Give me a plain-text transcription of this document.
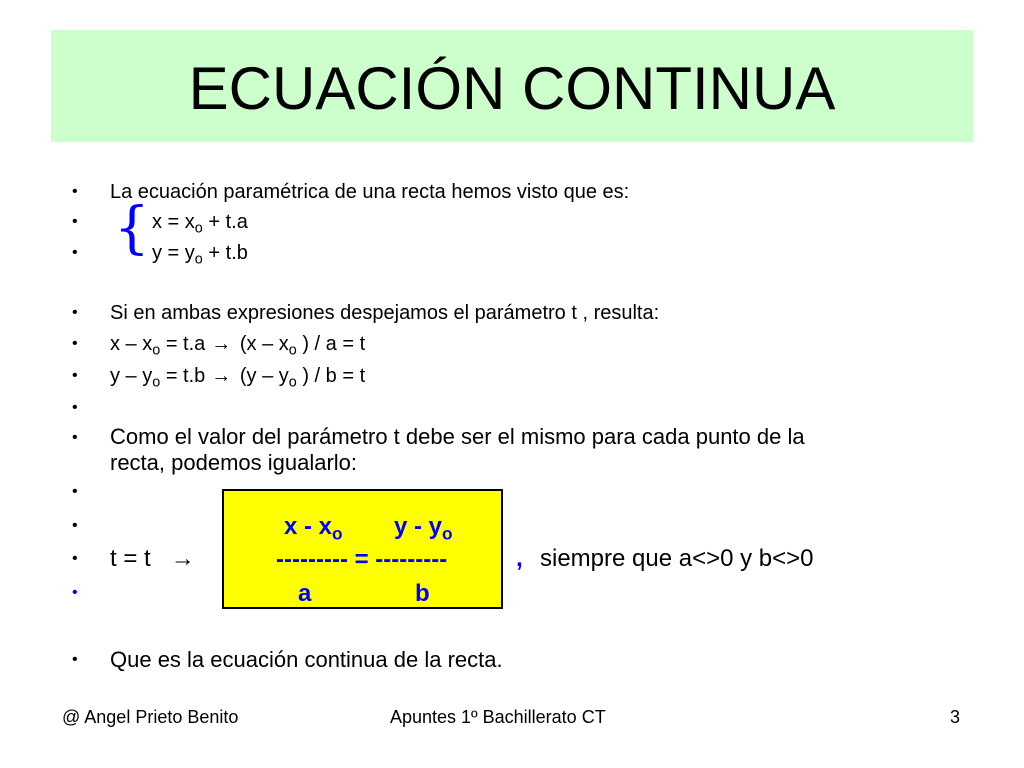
ECUACIÓN CONTINUA
•
•
•
•
•
•
•
•
•
•
•
•
•
La ecuación paramétrica de una recta hemos visto que es:
{ $x = x_o + t.a$
$y = y_o + t.b$
Si en ambas expresiones despejamos el parámetro t , resulta:
$x - x_o = t.a \to (x - x_o$ ) / a = t
$y - y_o = t.b \to (y - y_o$ ) / b = t
Como el valor del parámetro t debe ser el mismo para cada punto de la
recta, podemos igualarlo:
t = t →
x - $x_o$ y - $y_o$
--------- = ---------
a	b
, siempre que a<>0 y b<>0
Que es la ecuación continua de la recta.
@ Angel Prieto Benito	Apuntes 1º Bachillerato CT	3
